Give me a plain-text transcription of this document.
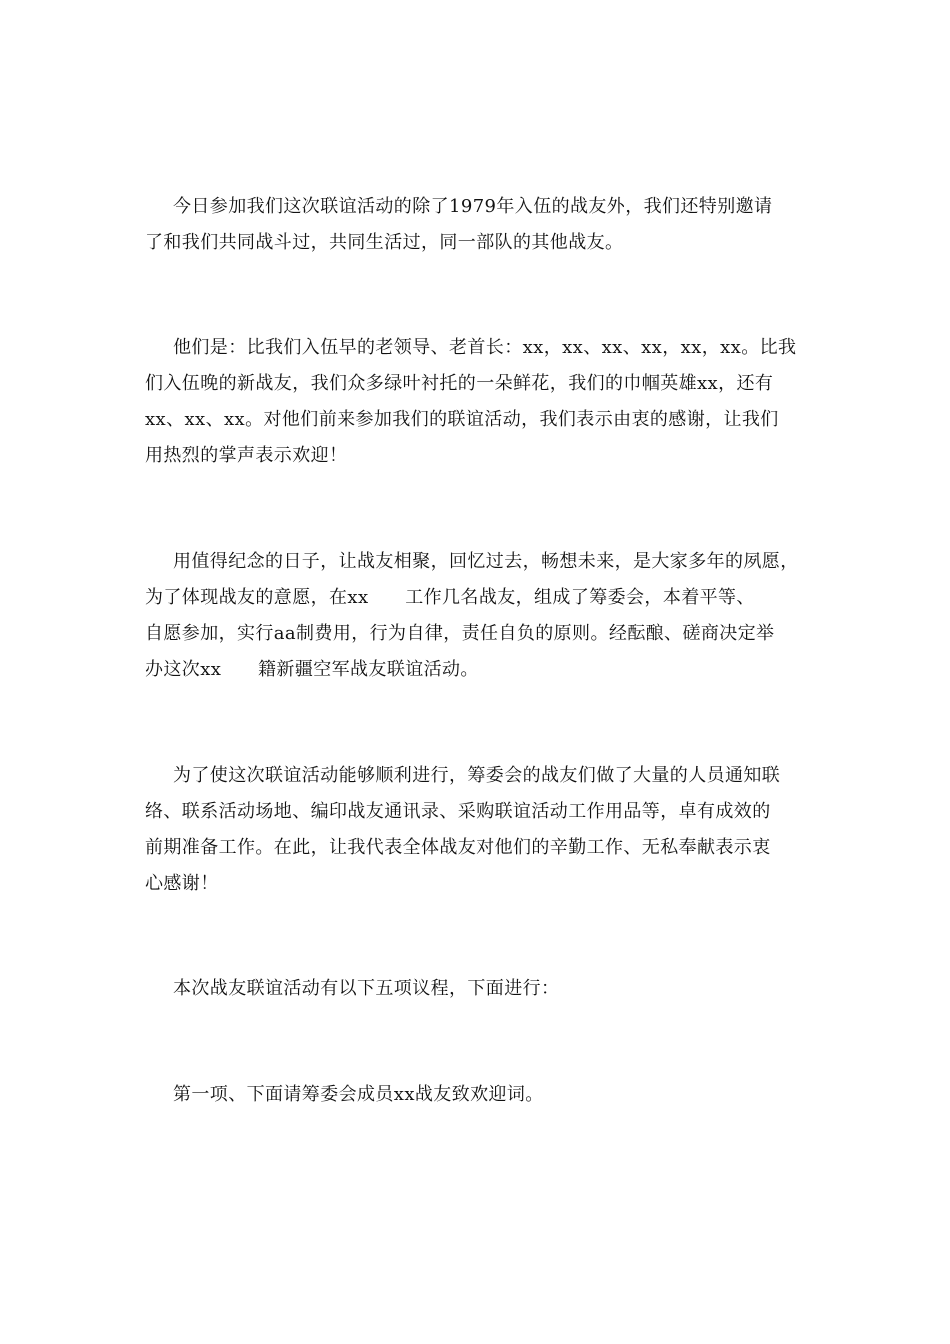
今日参加我们这次联谊活动的除了1979年入伍的战友外，我们还特别邀请
了和我们共同战斗过，共同生活过，同一部队的其他战友。
他们是：比我们入伍早的老领导、老首长：xx，xx、xx、xx，xx，xx。比我
们入伍晚的新战友，我们众多绿叶衬托的一朵鲜花，我们的巾帼英雄xx，还有
xx、xx、xx。对他们前来参加我们的联谊活动，我们表示由衷的感谢，让我们
用热烈的掌声表示欢迎！
用值得纪念的日子，让战友相聚，回忆过去，畅想未来，是大家多年的夙愿，
为了体现战友的意愿，在xx      工作几名战友，组成了筹委会，本着平等、
自愿参加，实行aa制费用，行为自律，责任自负的原则。经酝酿、磋商决定举
办这次xx      籍新疆空军战友联谊活动。
为了使这次联谊活动能够顺利进行，筹委会的战友们做了大量的人员通知联
络、联系活动场地、编印战友通讯录、采购联谊活动工作用品等，卓有成效的
前期准备工作。在此，让我代表全体战友对他们的辛勤工作、无私奉献表示衷
心感谢！
本次战友联谊活动有以下五项议程，下面进行：
第一项、下面请筹委会成员xx战友致欢迎词。
